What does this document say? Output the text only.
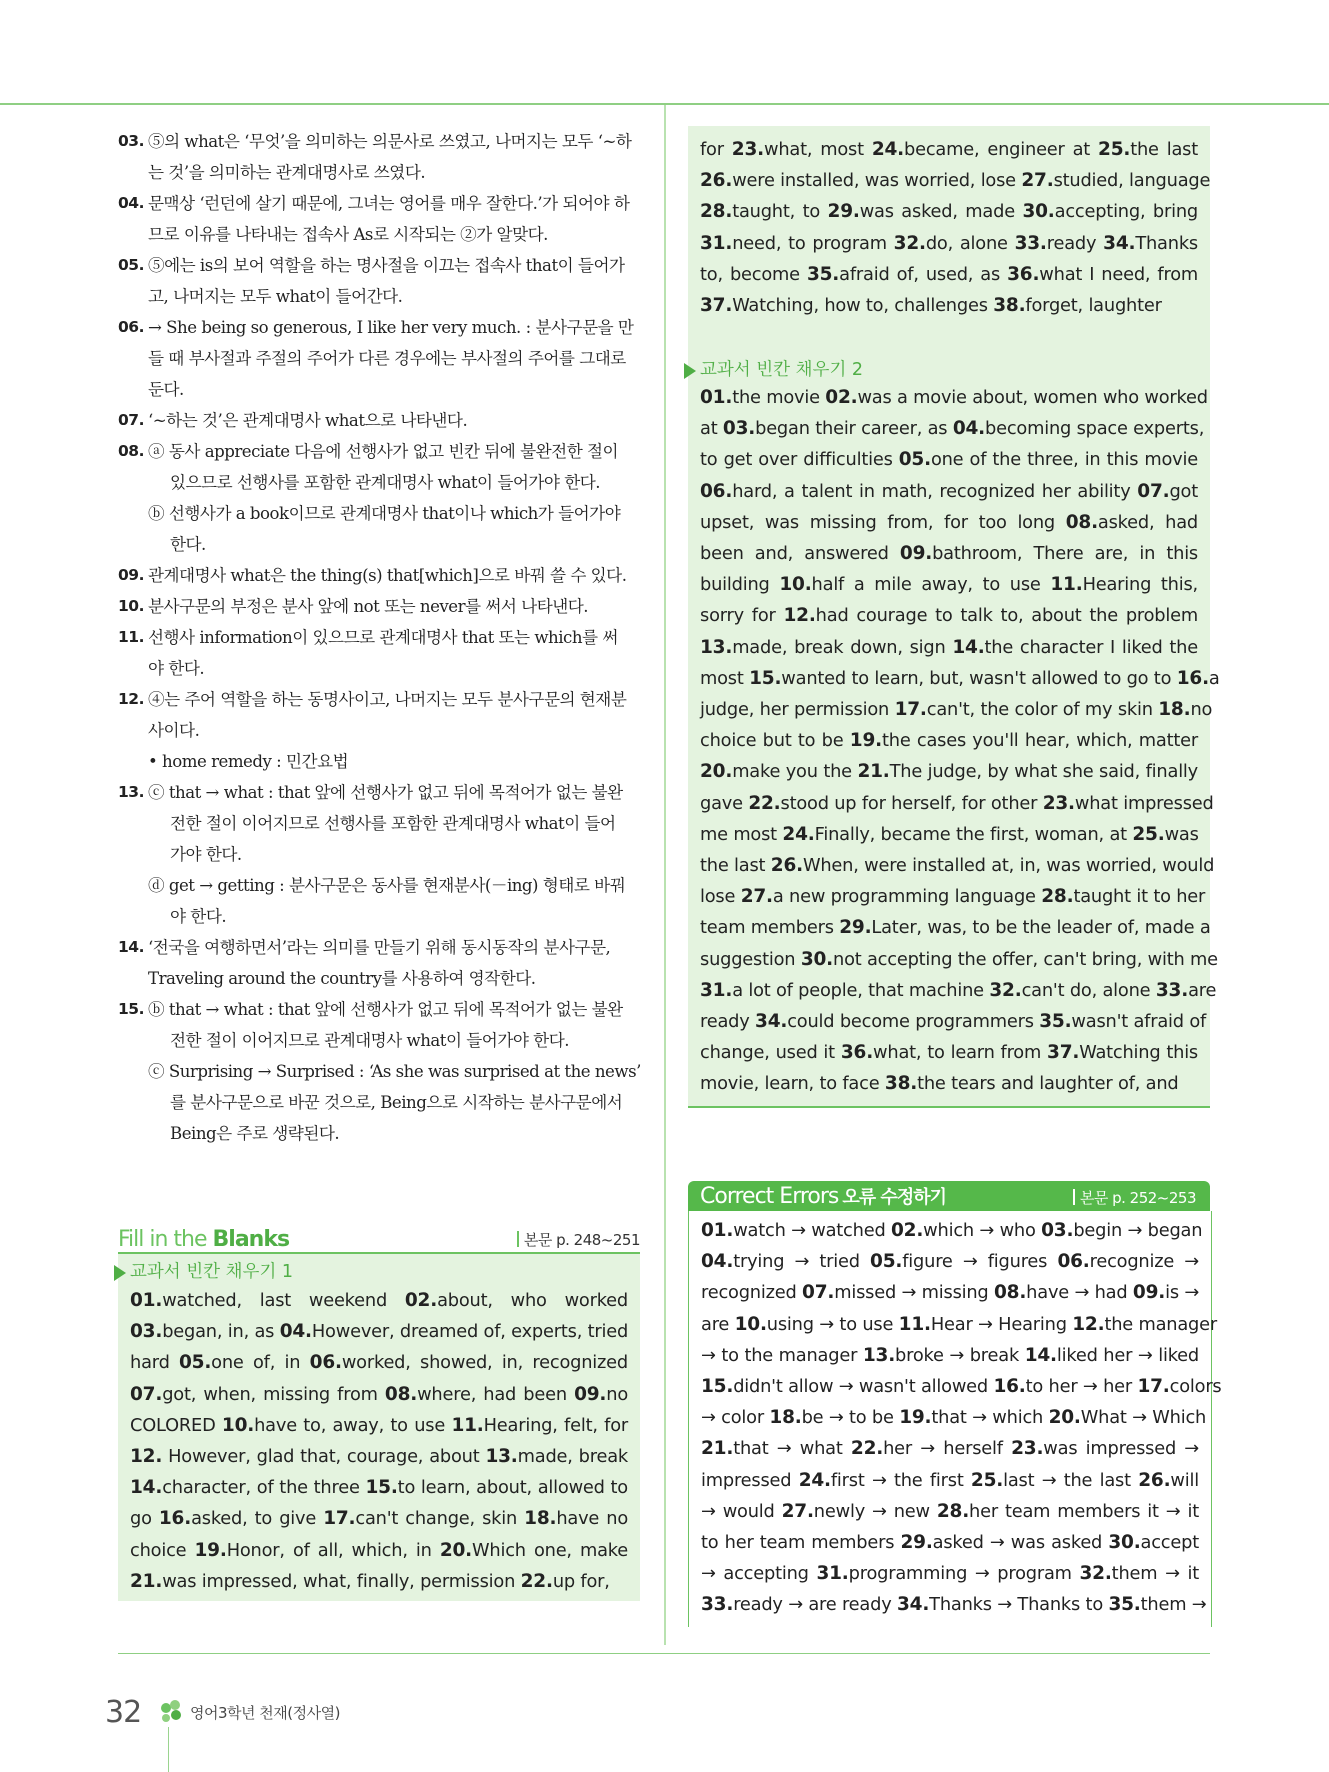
03. ⑤의 what은 ‘무엇’을 의미하는 의문사로 쓰였고, 나머지는 모두 ‘~하
는 것’을 의미하는 관계대명사로 쓰였다.
04. 문맥상 ‘런던에 살기 때문에, 그녀는 영어를 매우 잘한다.’가 되어야 하
므로 이유를 나타내는 접속사 As로 시작되는 ②가 알맞다.
05. ⑤에는 is의 보어 역할을 하는 명사절을 이끄는 접속사 that이 들어가
고, 나머지는 모두 what이 들어간다.
06. → She being so generous, I like her very much. : 분사구문을 만
들 때 부사절과 주절의 주어가 다른 경우에는 부사절의 주어를 그대로
둔다.
07. ‘~하는 것’은 관계대명사 what으로 나타낸다.
08. ⓐ 동사 appreciate 다음에 선행사가 없고 빈칸 뒤에 불완전한 절이
있으므로 선행사를 포함한 관계대명사 what이 들어가야 한다.
ⓑ 선행사가 a book이므로 관계대명사 that이나 which가 들어가야
한다.
09. 관계대명사 what은 the thing(s) that[which]으로 바꿔 쓸 수 있다.
10. 분사구문의 부정은 분사 앞에 not 또는 never를 써서 나타낸다.
11. 선행사 information이 있으므로 관계대명사 that 또는 which를 써
야 한다.
12. ④는 주어 역할을 하는 동명사이고, 나머지는 모두 분사구문의 현재분
사이다.
• home remedy : 민간요법
13. ⓒ that → what : that 앞에 선행사가 없고 뒤에 목적어가 없는 불완
전한 절이 이어지므로 선행사를 포함한 관계대명사 what이 들어
가야 한다.
ⓓ get → getting : 분사구문은 동사를 현재분사(－ing) 형태로 바꿔
야 한다.
14. ‘전국을 여행하면서’라는 의미를 만들기 위해 동시동작의 분사구문,
Traveling around the country를 사용하여 영작한다.
15. ⓑ that → what : that 앞에 선행사가 없고 뒤에 목적어가 없는 불완
전한 절이 이어지므로 관계대명사 what이 들어가야 한다.
ⓒ Surprising → Surprised : ‘As she was surprised at the news’
를 분사구문으로 바꾼 것으로, Being으로 시작하는 분사구문에서
Being은 주로 생략된다.
Fill in the Blanks	본문 p. 248~251
교과서 빈칸 채우기 1
01.watched, last weekend 02.about, who worked
03.began, in, as 04.However, dreamed of, experts, tried
hard 05.one of, in 06.worked, showed, in, recognized
07.got, when, missing from 08.where, had been 09.no
COLORED 10.have to, away, to use 11.Hearing, felt, for
12. However, glad that, courage, about 13.made, break
14.character, of the three 15.to learn, about, allowed to
go 16.asked, to give 17.can't change, skin 18.have no
choice 19.Honor, of all, which, in 20.Which one, make
21.was impressed, what, finally, permission 22.up for,
for 23.what, most 24.became, engineer at 25.the last
26.were installed, was worried, lose 27.studied, language
28.taught, to 29.was asked, made 30.accepting, bring
31.need, to program 32.do, alone 33.ready 34.Thanks
to, become 35.afraid of, used, as 36.what I need, from
37.Watching, how to, challenges 38.forget, laughter
교과서 빈칸 채우기 2
01.the movie 02.was a movie about, women who worked
at 03.began their career, as 04.becoming space experts,
to get over difficulties 05.one of the three, in this movie
06.hard, a talent in math, recognized her ability 07.got
upset, was missing from, for too long 08.asked, had
been and, answered 09.bathroom, There are, in this
building 10.half a mile away, to use 11.Hearing this,
sorry for 12.had courage to talk to, about the problem
13.made, break down, sign 14.the character I liked the
most 15.wanted to learn, but, wasn't allowed to go to 16.a
judge, her permission 17.can't, the color of my skin 18.no
choice but to be 19.the cases you'll hear, which, matter
20.make you the 21.The judge, by what she said, finally
gave 22.stood up for herself, for other 23.what impressed
me most 24.Finally, became the first, woman, at 25.was
the last 26.When, were installed at, in, was worried, would
lose 27.a new programming language 28.taught it to her
team members 29.Later, was, to be the leader of, made a
suggestion 30.not accepting the offer, can't bring, with me
31.a lot of people, that machine 32.can't do, alone 33.are
ready 34.could become programmers 35.wasn't afraid of
change, used it 36.what, to learn from 37.Watching this
movie, learn, to face 38.the tears and laughter of, and
Correct Errors 오류 수정하기	본문 p. 252~253
01.watch → watched 02.which → who 03.begin → began
04.trying → tried 05.figure → figures 06.recognize →
recognized 07.missed → missing 08.have → had 09.is →
are 10.using → to use 11.Hear → Hearing 12.the manager
→ to the manager 13.broke → break 14.liked her → liked
15.didn't allow → wasn't allowed 16.to her → her 17.colors
→ color 18.be → to be 19.that → which 20.What → Which
21.that → what 22.her → herself 23.was impressed →
impressed 24.first → the first 25.last → the last 26.will
→ would 27.newly → new 28.her team members it → it
to her team members 29.asked → was asked 30.accept
→ accepting 31.programming → program 32.them → it
33.ready → are ready 34.Thanks → Thanks to 35.them →
32	영어3학년 천재(정사열)
